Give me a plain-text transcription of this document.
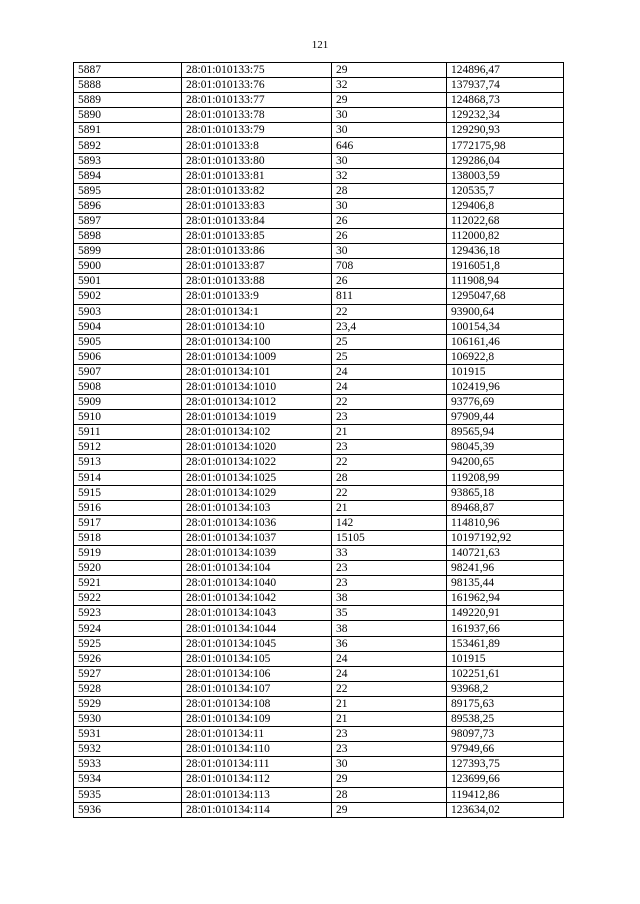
121
5887	28:01:010133:75	29	124896,47
5888	28:01:010133:76	32	137937,74
5889	28:01:010133:77	29	124868,73
5890	28:01:010133:78	30	129232,34
5891	28:01:010133:79	30	129290,93
5892	28:01:010133:8	646	1772175,98
5893	28:01:010133:80	30	129286,04
5894	28:01:010133:81	32	138003,59
5895	28:01:010133:82	28	120535,7
5896	28:01:010133:83	30	129406,8
5897	28:01:010133:84	26	112022,68
5898	28:01:010133:85	26	112000,82
5899	28:01:010133:86	30	129436,18
5900	28:01:010133:87	708	1916051,8
5901	28:01:010133:88	26	111908,94
5902	28:01:010133:9	811	1295047,68
5903	28:01:010134:1	22	93900,64
5904	28:01:010134:10	23,4	100154,34
5905	28:01:010134:100	25	106161,46
5906	28:01:010134:1009	25	106922,8
5907	28:01:010134:101	24	101915
5908	28:01:010134:1010	24	102419,96
5909	28:01:010134:1012	22	93776,69
5910	28:01:010134:1019	23	97909,44
5911	28:01:010134:102	21	89565,94
5912	28:01:010134:1020	23	98045,39
5913	28:01:010134:1022	22	94200,65
5914	28:01:010134:1025	28	119208,99
5915	28:01:010134:1029	22	93865,18
5916	28:01:010134:103	21	89468,87
5917	28:01:010134:1036	142	114810,96
5918	28:01:010134:1037	15105	10197192,92
5919	28:01:010134:1039	33	140721,63
5920	28:01:010134:104	23	98241,96
5921	28:01:010134:1040	23	98135,44
5922	28:01:010134:1042	38	161962,94
5923	28:01:010134:1043	35	149220,91
5924	28:01:010134:1044	38	161937,66
5925	28:01:010134:1045	36	153461,89
5926	28:01:010134:105	24	101915
5927	28:01:010134:106	24	102251,61
5928	28:01:010134:107	22	93968,2
5929	28:01:010134:108	21	89175,63
5930	28:01:010134:109	21	89538,25
5931	28:01:010134:11	23	98097,73
5932	28:01:010134:110	23	97949,66
5933	28:01:010134:111	30	127393,75
5934	28:01:010134:112	29	123699,66
5935	28:01:010134:113	28	119412,86
5936	28:01:010134:114	29	123634,02
